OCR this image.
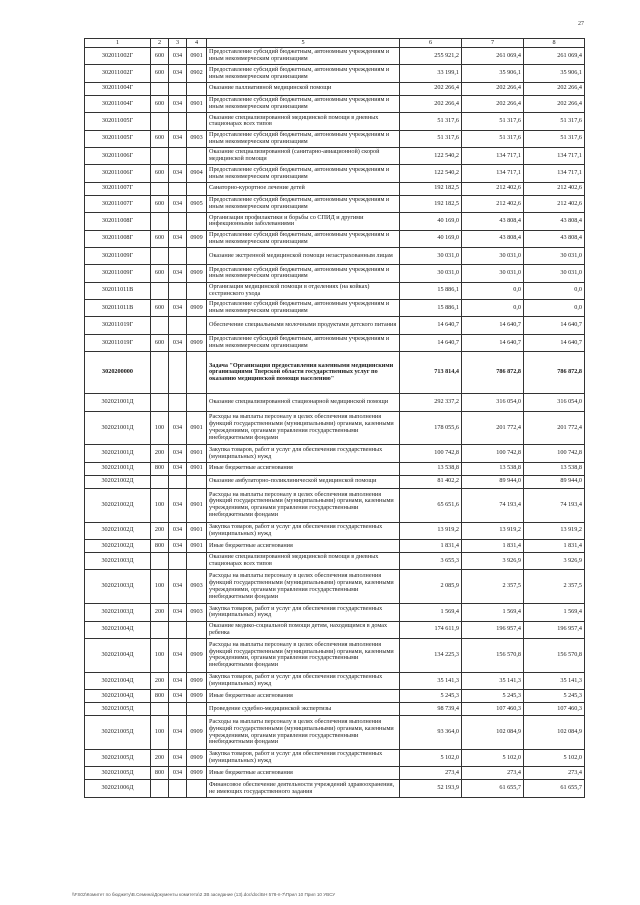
27
1	2	3	4	5	6	7	8
302011002Г	600	034	0901	Предоставление субсидий бюджетным, автономным учреждениям и иным некоммерческим организациям	255 921,2	261 069,4	261 069,4
302011002Г	600	034	0902	Предоставление субсидий бюджетным, автономным учреждениям и иным некоммерческим организациям	33 199,1	35 906,1	35 906,1
302011004Г				Оказание паллиативной медицинской помощи	202 266,4	202 266,4	202 266,4
302011004Г	600	034	0901	Предоставление субсидий бюджетным, автономным учреждениям и иным некоммерческим организациям	202 266,4	202 266,4	202 266,4
302011005Г				Оказание специализированной медицинской помощи в дневных стационарах всех типов	51 317,6	51 317,6	51 317,6
302011005Г	600	034	0903	Предоставление субсидий бюджетным, автономным учреждениям и иным некоммерческим организациям	51 317,6	51 317,6	51 317,6
302011006Г				Оказание специализированной (санитарно-авиационной) скорой медицинской помощи	122 540,2	134 717,1	134 717,1
302011006Г	600	034	0904	Предоставление субсидий бюджетным, автономным учреждениям и иным некоммерческим организациям	122 540,2	134 717,1	134 717,1
302011007Г				Санаторно-курортное лечение детей	192 182,5	212 402,6	212 402,6
302011007Г	600	034	0905	Предоставление субсидий бюджетным, автономным учреждениям и иным некоммерческим организациям	192 182,5	212 402,6	212 402,6
302011008Г				Организация профилактики и борьбы со СПИД и другими инфекционными заболеваниями	40 169,0	43 808,4	43 808,4
302011008Г	600	034	0909	Предоставление субсидий бюджетным, автономным учреждениям и иным некоммерческим организациям	40 169,0	43 808,4	43 808,4
302011009Г				Оказание экстренной медицинской помощи незастрахованным лицам	30 031,0	30 031,0	30 031,0
302011009Г	600	034	0909	Предоставление субсидий бюджетным, автономным учреждениям и иным некоммерческим организациям	30 031,0	30 031,0	30 031,0
302011011В				Организация медицинской помощи в отделениях (на койках) сестринского ухода	15 886,1	0,0	0,0
302011011В	600	034	0909	Предоставление субсидий бюджетным, автономным учреждениям и иным некоммерческим организациям	15 886,1	0,0	0,0
302011019Г				Обеспечение специальными молочными продуктами детского питания	14 640,7	14 640,7	14 640,7
302011019Г	600	034	0909	Предоставление субсидий бюджетным, автономным учреждениям и иным некоммерческим организациям	14 640,7	14 640,7	14 640,7
3020200000				Задача "Организация предоставления казенными медицинскими организациями Тверской области государственных услуг по оказанию медицинской помощи населению"	713 814,4	786 872,8	786 872,8
302021001Д				Оказание специализированной стационарной медицинской помощи	292 337,2	316 054,0	316 054,0
302021001Д	100	034	0901	Расходы на выплаты персоналу в целях обеспечения выполнения функций государственными (муниципальными) органами, казенными учреждениями, органами управления государственными внебюджетными фондами	178 055,6	201 772,4	201 772,4
302021001Д	200	034	0901	Закупка товаров, работ и услуг для обеспечения государственных (муниципальных) нужд	100 742,8	100 742,8	100 742,8
302021001Д	800	034	0901	Иные бюджетные ассигнования	13 538,8	13 538,8	13 538,8
302021002Д				Оказание амбулаторно-поликлинической медицинской помощи	81 402,2	89 944,0	89 944,0
302021002Д	100	034	0901	Расходы на выплаты персоналу в целях обеспечения выполнения функций государственными (муниципальными) органами, казенными учреждениями, органами управления государственными внебюджетными фондами	65 651,6	74 193,4	74 193,4
302021002Д	200	034	0901	Закупка товаров, работ и услуг для обеспечения государственных (муниципальных) нужд	13 919,2	13 919,2	13 919,2
302021002Д	800	034	0901	Иные бюджетные ассигнования	1 831,4	1 831,4	1 831,4
302021003Д				Оказание специализированной медицинской помощи в дневных стационарах всех типов	3 655,3	3 926,9	3 926,9
302021003Д	100	034	0903	Расходы на выплаты персоналу в целях обеспечения выполнения функций государственными (муниципальными) органами, казенными учреждениями, органами управления государственными внебюджетными фондами	2 085,9	2 357,5	2 357,5
302021003Д	200	034	0903	Закупка товаров, работ и услуг для обеспечения государственных (муниципальных) нужд	1 569,4	1 569,4	1 569,4
302021004Д				Оказание медико-социальной помощи детям, находящимся в домах ребенка	174 611,9	196 957,4	196 957,4
302021004Д	100	034	0909	Расходы на выплаты персоналу в целях обеспечения выполнения функций государственными (муниципальными) органами, казенными учреждениями, органами управления государственными внебюджетными фондами	134 225,3	156 570,8	156 570,8
302021004Д	200	034	0909	Закупка товаров, работ и услуг для обеспечения государственных (муниципальных) нужд	35 141,3	35 141,3	35 141,3
302021004Д	800	034	0909	Иные бюджетные ассигнования	5 245,3	5 245,3	5 245,3
302021005Д				Проведение судебно-медицинской экспертизы	98 739,4	107 460,3	107 460,3
302021005Д	100	034	0909	Расходы на выплаты персоналу в целях обеспечения выполнения функций государственными (муниципальными) органами, казенными учреждениями, органами управления государственными внебюджетными фондами	93 364,0	102 084,9	102 084,9
302021005Д	200	034	0909	Закупка товаров, работ и услуг для обеспечения государственных (муниципальных) нужд	5 102,0	5 102,0	5 102,0
302021005Д	800	034	0909	Иные бюджетные ассигнования	273,4	273,4	273,4
302021006Д				Финансовое обеспечение деятельности учреждений здравоохранения, не имеющих государственного задания	52 193,9	61 655,7	61 655,7
\\FS02\Комитет по бюджету\В.Семина\Документы комитета\2 ЗВ заседание (13).doc\doc\БН 578-п-7\Прил 10 Прил 10 УВСУ
